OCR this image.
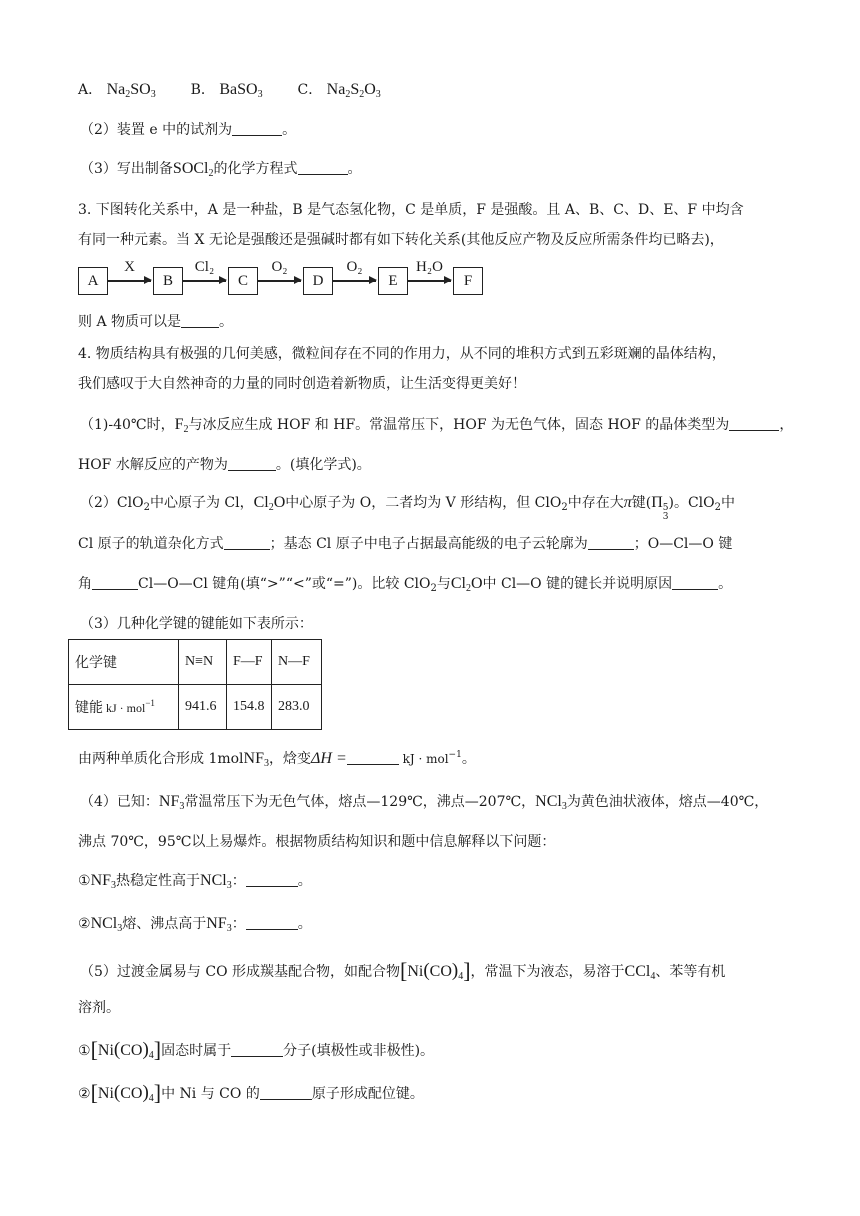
A． $Na_2SO_3$ B． BaSO$_3$ C． $Na_2S_2O_3$
（2）装置 e 中的试剂为	。
（3）写出制备SOCl$_2$的化学方程式	。
3. 下图转化关系中，A 是一种盐，B 是气态氢化物，C 是单质，F 是强酸。且 A、B、C、D、E、F 中均含
有同一种元素。当 X 无论是强酸还是强碱时都有如下转化关系(其他反应产物及反应所需条件均已略去)，
A
X
B
Cl₂
C
O₂
D
O₂
E
H₂O
F
则 A 物质可以是	。
4. 物质结构具有极强的几何美感，微粒间存在不同的作用力，从不同的堆积方式到五彩斑斓的晶体结构，
我们感叹于大自然神奇的力量的同时创造着新物质，让生活变得更美好！
（1)-40℃时，$F_2$与冰反应生成 HOF 和 HF。常温常压下，HOF 为无色气体，固态 HOF 的晶体类型为	，
HOF 水解反应的产物为	。(填化学式)。
（2）ClO$_2$中心原子为 Cl，$Cl_2O$中心原子为 O，二者均为 V 形结构，但 ClO$_2$中存在大π键(Π 5
3
)。ClO$_2$中
Cl 原子的轨道杂化方式	；基态 Cl 原子中电子占据最高能级的电子云轮廓为	；O—Cl—O 键
角	Cl—O—Cl 键角(填“>”“<”或“=”)。比较 ClO$_2$与$Cl_2O$中 Cl—O 键的键长并说明原因	。
（3）几种化学键的键能如下表所示：
化学键	N≡N	F—F	N—F
键能 kJ · mol$^{-1}$	941.6	154.8	283.0
由两种单质化合形成 1molNF$_3$，焓变ΔH =	kJ · mol$^{-1}$。
（4）已知：$NF_3$常温常压下为无色气体，熔点—129℃，沸点—207℃，NCl$_3$为黄色油状液体，熔点—40℃，
沸点 70℃，95℃以上易爆炸。根据物质结构知识和题中信息解释以下问题：
$①NF_3$热稳定性高于NCl$_3$：	。
②NCl$_3$熔、沸点高于$NF_3$：	。
（5）过渡金属易与 CO 形成羰基配合物，如配合物$[Ni(CO)_4]$，常温下为液态，易溶于CCl$_4$、苯等有机
溶剂。
$①[Ni(CO)_4]$固态时属于	分子(填极性或非极性)。
$②[Ni(CO)_4]$中 Ni 与 CO 的	原子形成配位键。
